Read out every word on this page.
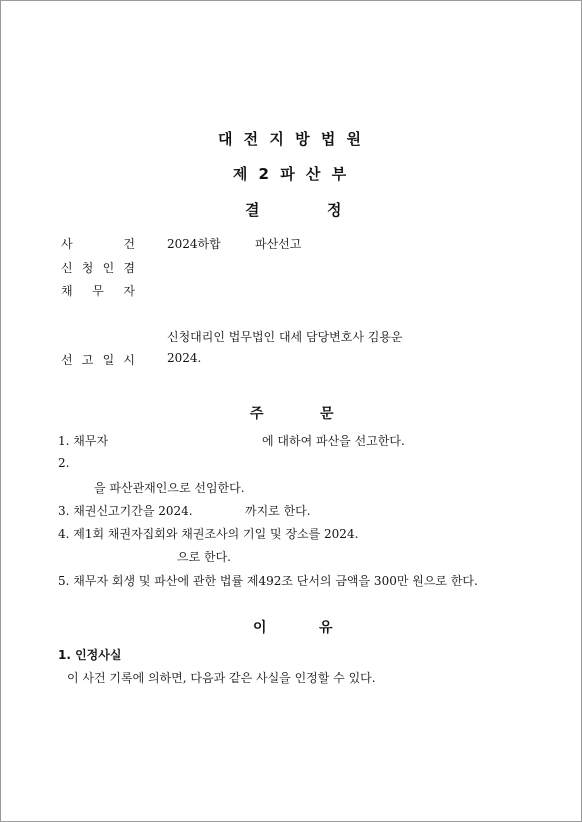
대 전 지 방 법 원
제 2 파 산 부
결	정
사	건	2024하합	파산선고
신 청 인 겸
채 무 자
신청대리인 법무법인 대세 담당변호사 김용운
선 고 일 시	2024.
주	문
1. 채무자	에 대하여 파산을 선고한다.
2.
을 파산관재인으로 선임한다.
3. 채권신고기간을 2024.	까지로 한다.
4. 제1회 채권자집회와 채권조사의 기일 및 장소를 2024.
으로 한다.
5. 채무자 회생 및 파산에 관한 법률 제492조 단서의 금액을 300만 원으로 한다.
이	유
1. 인정사실
이 사건 기록에 의하면, 다음과 같은 사실을 인정할 수 있다.
